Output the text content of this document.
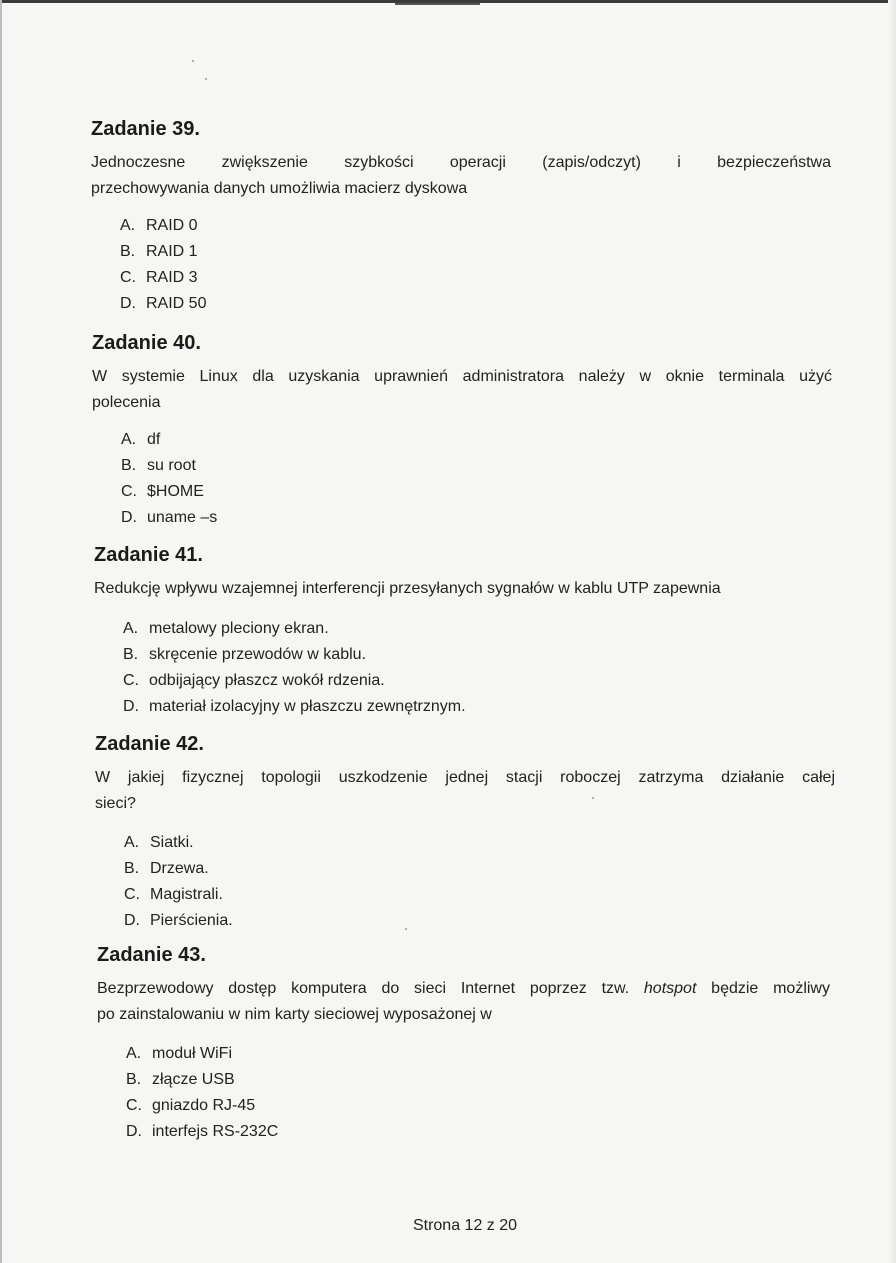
Zadanie 39.

Jednoczesne zwiększenie szybkości operacji (zapis/odczyt) i bezpieczeństwa
przechowywania danych umożliwia macierz dyskowa

A. RAID 0
B. RAID 1
C. RAID 3
D. RAID 50
Zadanie 40.

W systemie Linux dla uzyskania uprawnień administratora należy w oknie terminala użyć
polecenia

A. df
B. su root
C. $HOME
D. uname –s
Zadanie 41.

Redukcję wpływu wzajemnej interferencji przesyłanych sygnałów w kablu UTP zapewnia

A. metalowy pleciony ekran.
B. skręcenie przewodów w kablu.
C. odbijający płaszcz wokół rdzenia.
D. materiał izolacyjny w płaszczu zewnętrznym.
Zadanie 42.

W jakiej fizycznej topologii uszkodzenie jednej stacji roboczej zatrzyma działanie całej
sieci?

A. Siatki.
B. Drzewa.
C. Magistrali.
D. Pierścienia.
Zadanie 43.

Bezprzewodowy dostęp komputera do sieci Internet poprzez tzw. hotspot będzie możliwy
po zainstalowaniu w nim karty sieciowej wyposażonej w

A. moduł WiFi
B. złącze USB
C. gniazdo RJ-45
D. interfejs RS-232C
Strona 12 z 20
